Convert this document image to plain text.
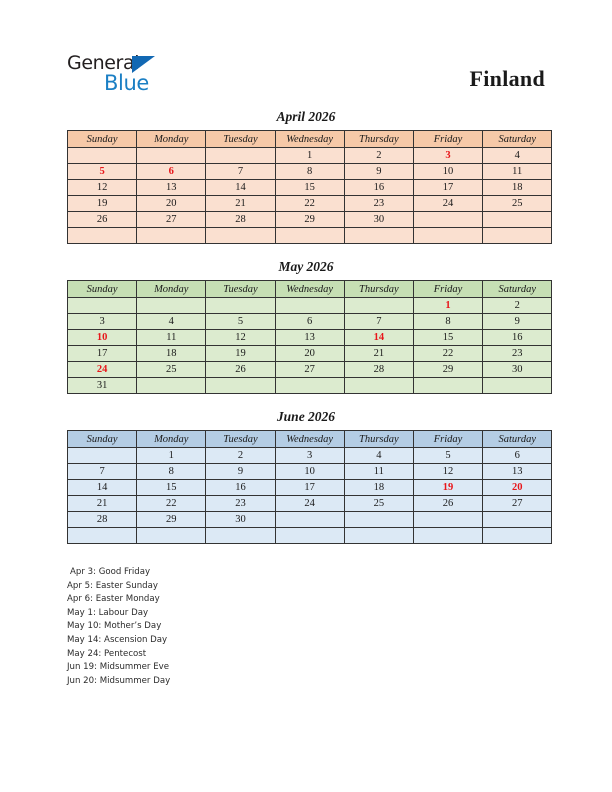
General
Blue	Finland
April 2026
Sunday	Monday	Tuesday	Wednesday	Thursday	Friday	Saturday
			1	2	3	4
5	6	7	8	9	10	11
12	13	14	15	16	17	18
19	20	21	22	23	24	25
26	27	28	29	30		

May 2026
Sunday	Monday	Tuesday	Wednesday	Thursday	Friday	Saturday
					1	2
3	4	5	6	7	8	9
10	11	12	13	14	15	16
17	18	19	20	21	22	23
24	25	26	27	28	29	30
31						
June 2026
Sunday	Monday	Tuesday	Wednesday	Thursday	Friday	Saturday
	1	2	3	4	5	6
7	8	9	10	11	12	13
14	15	16	17	18	19	20
21	22	23	24	25	26	27
28	29	30				

Apr 3: Good Friday
Apr 5: Easter Sunday
Apr 6: Easter Monday
May 1: Labour Day
May 10: Mother’s Day
May 14: Ascension Day
May 24: Pentecost
Jun 19: Midsummer Eve
Jun 20: Midsummer Day
